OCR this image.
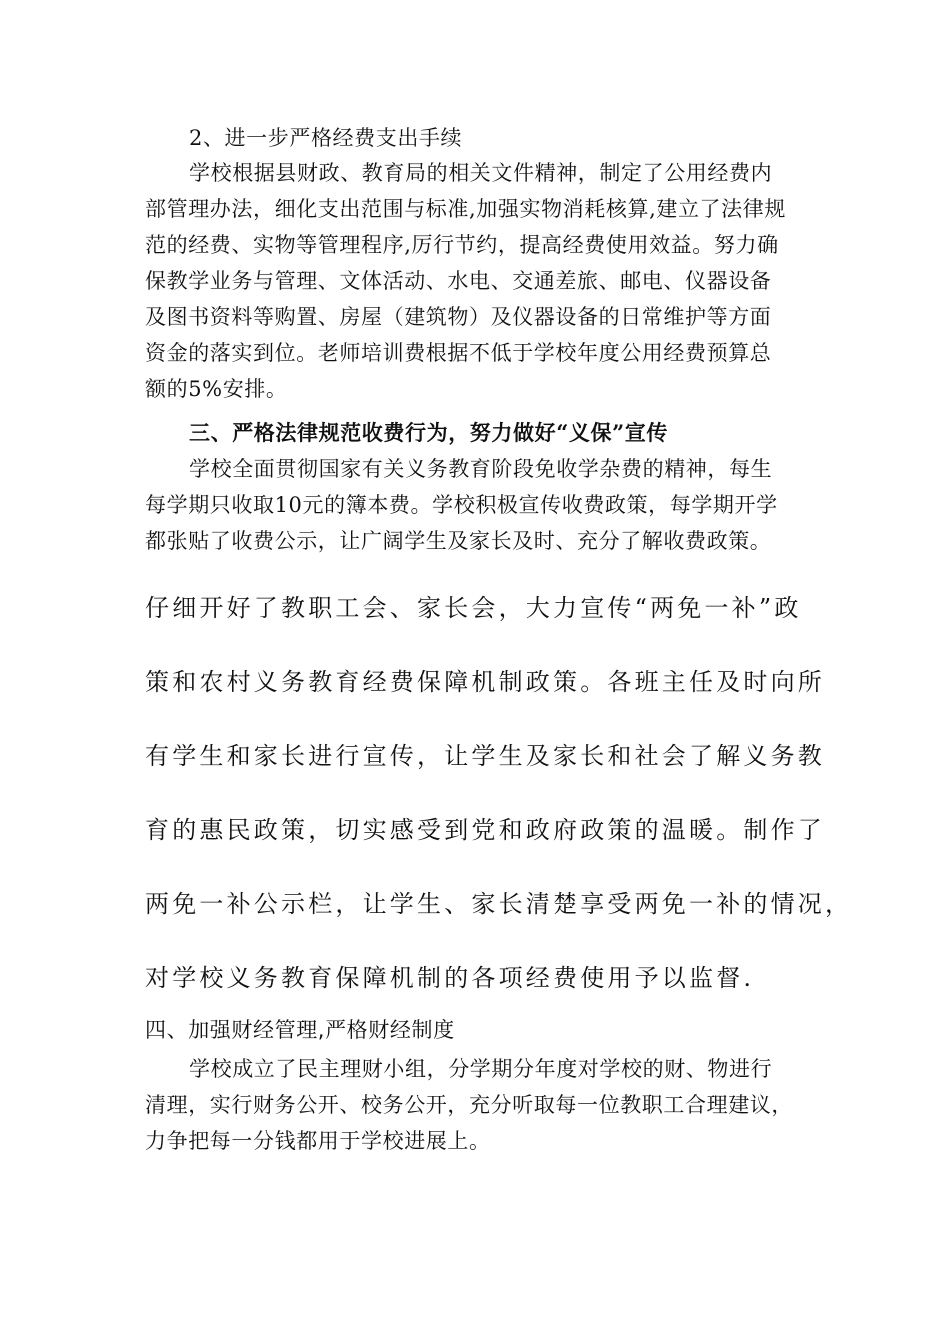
2、进一步严格经费支出手续
学校根据县财政、教育局的相关文件精神，制定了公用经费内
部管理办法，细化支出范围与标准,加强实物消耗核算,建立了法律规
范的经费、实物等管理程序,厉行节约，提高经费使用效益。努力确
保教学业务与管理、文体活动、水电、交通差旅、邮电、仪器设备
及图书资料等购置、房屋（建筑物）及仪器设备的日常维护等方面
资金的落实到位。老师培训费根据不低于学校年度公用经费预算总
额的5%安排。
三、严格法律规范收费行为，努力做好“义保”宣传
学校全面贯彻国家有关义务教育阶段免收学杂费的精神，每生
每学期只收取10元的簿本费。学校积极宣传收费政策，每学期开学
都张贴了收费公示，让广阔学生及家长及时、充分了解收费政策。
仔细开好了教职工会、家长会，大力宣传“两免一补”政
策和农村义务教育经费保障机制政策。各班主任及时向所
有学生和家长进行宣传，让学生及家长和社会了解义务教
育的惠民政策，切实感受到党和政府政策的温暖。制作了
两免一补公示栏，让学生、家长清楚享受两免一补的情况，
对学校义务教育保障机制的各项经费使用予以监督.
四、加强财经管理,严格财经制度
学校成立了民主理财小组，分学期分年度对学校的财、物进行
清理，实行财务公开、校务公开，充分听取每一位教职工合理建议，
力争把每一分钱都用于学校进展上。
